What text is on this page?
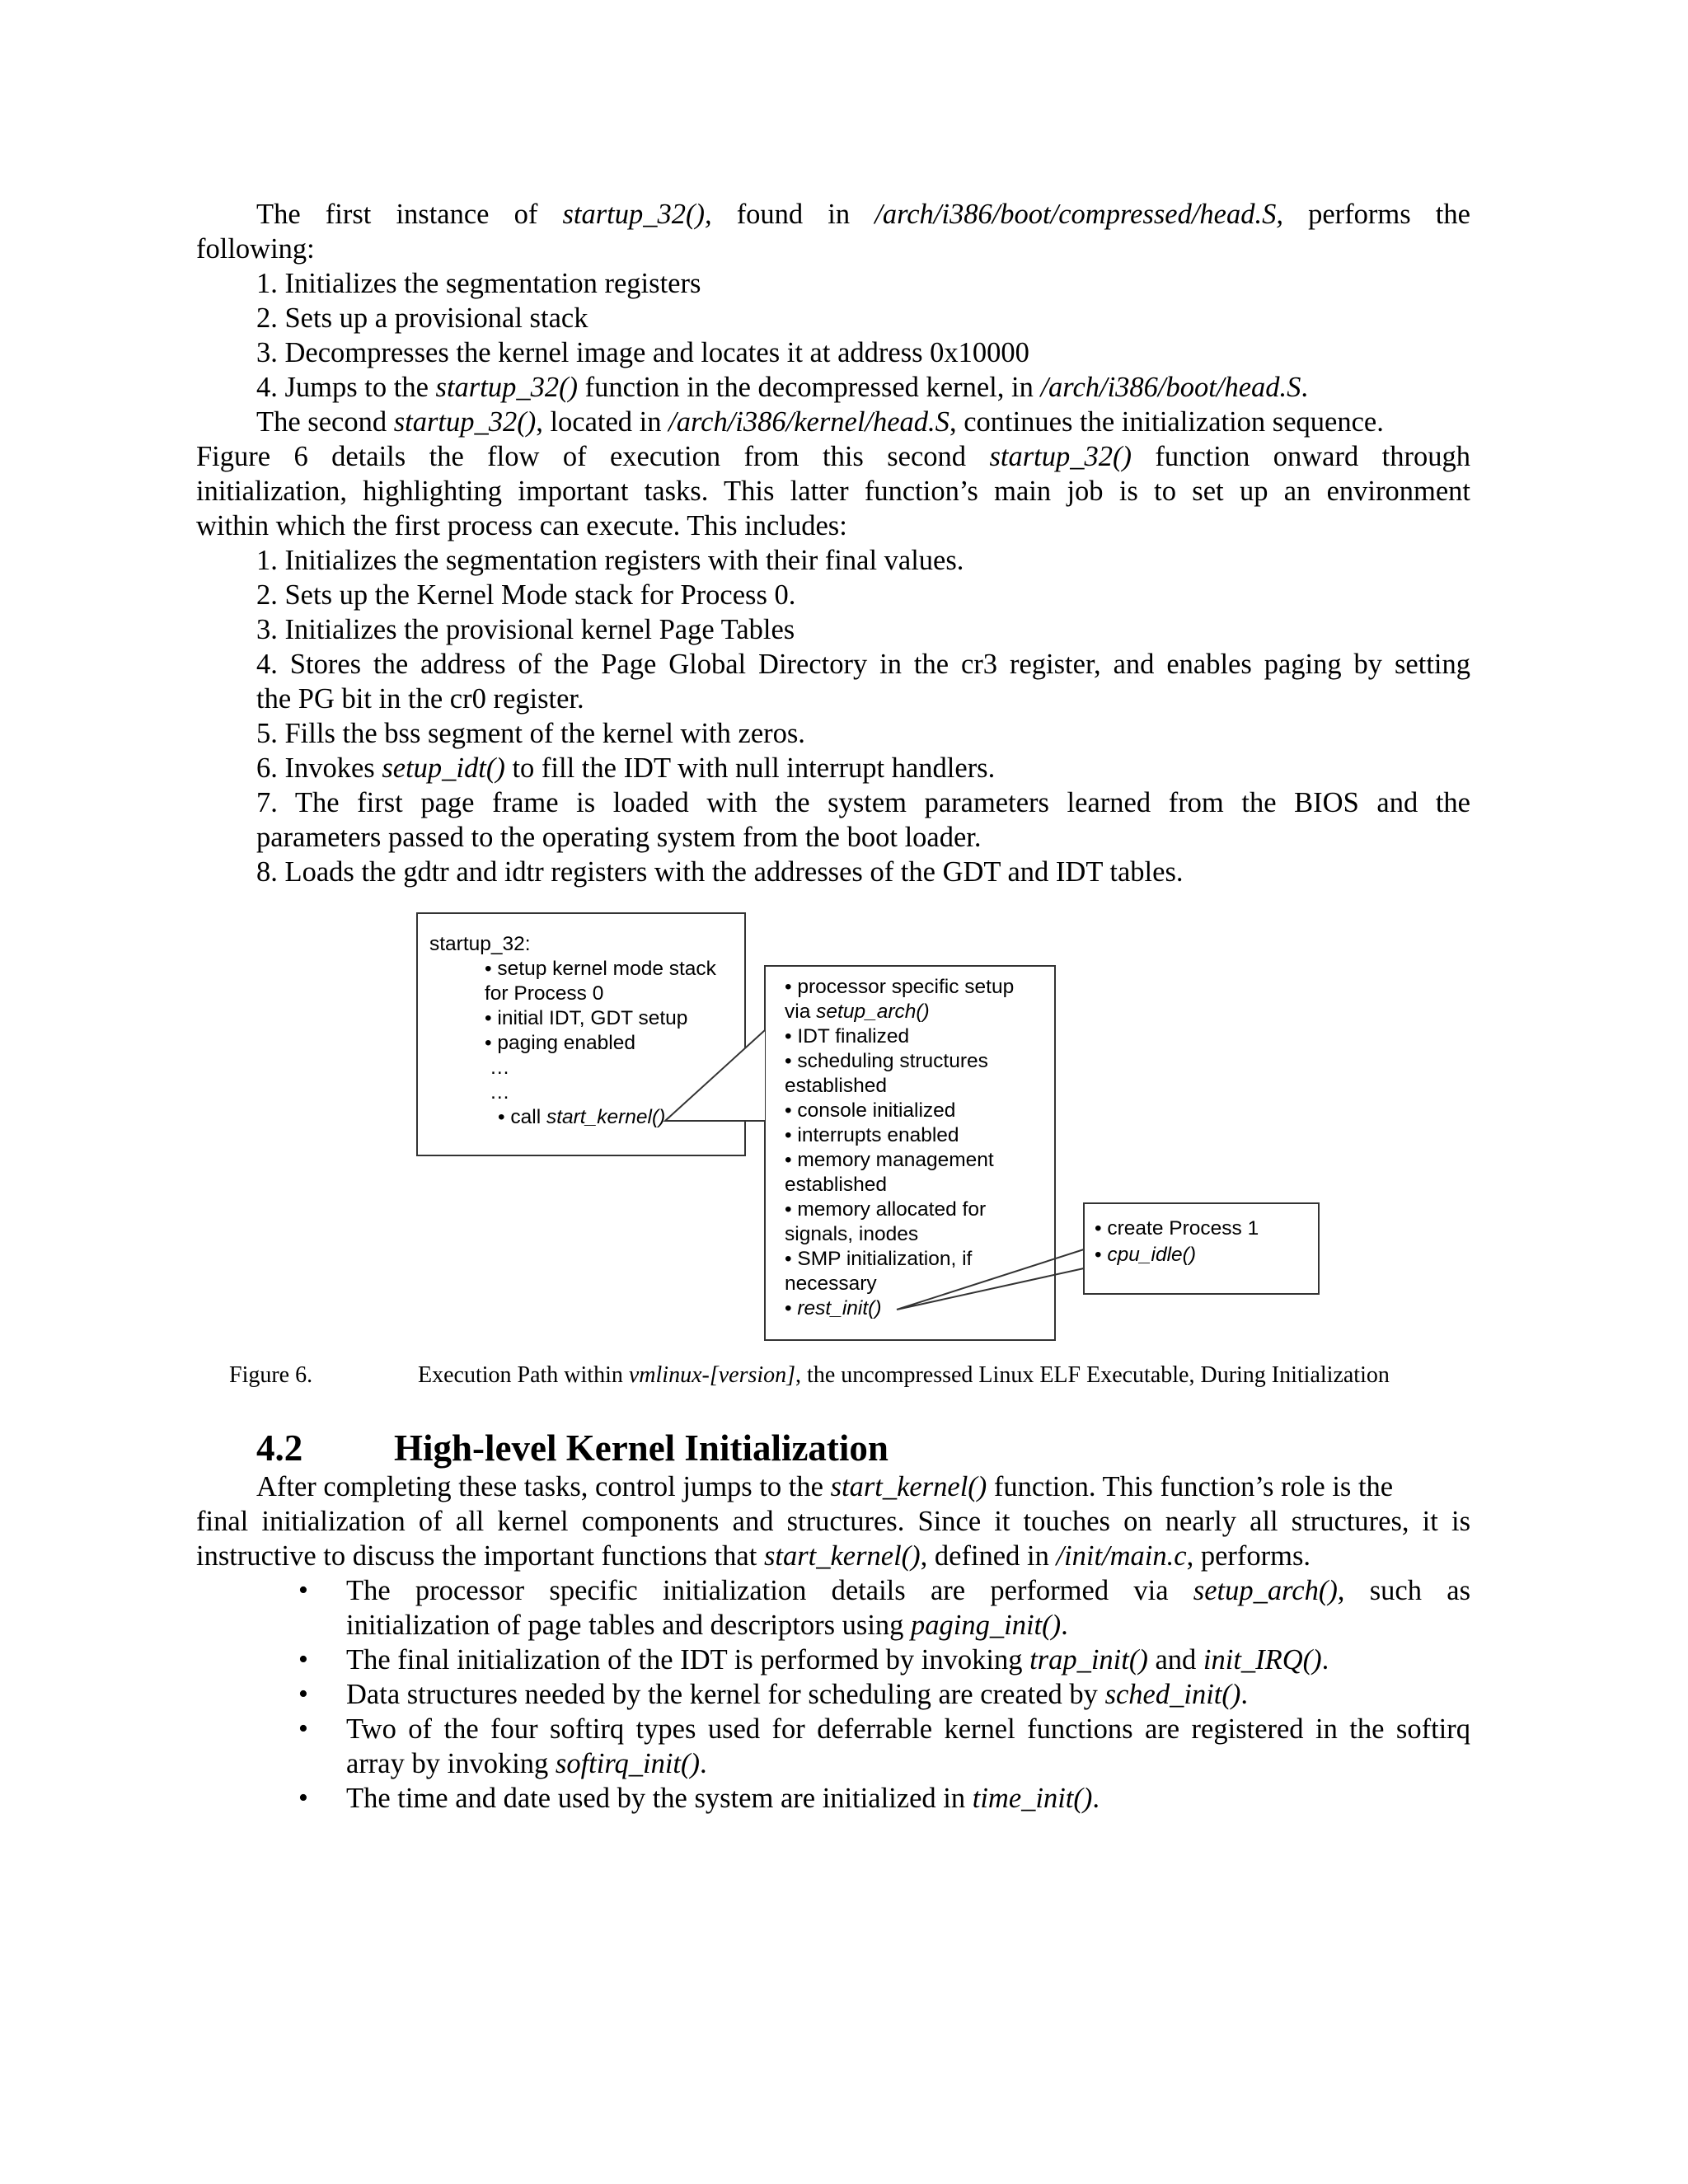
The first instance of startup_32(), found in /arch/i386/boot/compressed/head.S, performs the
following:
1. Initializes the segmentation registers
2. Sets up a provisional stack
3. Decompresses the kernel image and locates it at address 0x10000
4. Jumps to the startup_32() function in the decompressed kernel, in /arch/i386/boot/head.S.
The second startup_32(), located in /arch/i386/kernel/head.S, continues the initialization sequence.
Figure 6 details the flow of execution from this second startup_32() function onward through
initialization, highlighting important tasks. This latter function’s main job is to set up an environment
within which the first process can execute. This includes:
1. Initializes the segmentation registers with their final values.
2. Sets up the Kernel Mode stack for Process 0.
3. Initializes the provisional kernel Page Tables
4. Stores the address of the Page Global Directory in the cr3 register, and enables paging by setting
the PG bit in the cr0 register.
5. Fills the bss segment of the kernel with zeros.
6. Invokes setup_idt() to fill the IDT with null interrupt handlers.
7. The first page frame is loaded with the system parameters learned from the BIOS and the
parameters passed to the operating system from the boot loader.
8. Loads the gdtr and idtr registers with the addresses of the GDT and IDT tables.
startup_32:
• setup kernel mode stack
for Process 0
• initial IDT, GDT setup
• paging enabled
…
…
• call start_kernel()
• processor specific setup
via setup_arch()
• IDT finalized
• scheduling structures
established
• console initialized
• interrupts enabled
• memory management
established
• memory allocated for
signals, inodes
• SMP initialization, if
necessary
• rest_init()
• create Process 1
• cpu_idle()
Figure 6.	Execution Path within vmlinux-[version], the uncompressed Linux ELF Executable, During Initialization
4.2 High-level Kernel Initialization
After completing these tasks, control jumps to the start_kernel() function. This function’s role is the
final initialization of all kernel components and structures. Since it touches on nearly all structures, it is
instructive to discuss the important functions that start_kernel(), defined in /init/main.c, performs.
• The processor specific initialization details are performed via setup_arch(), such as
initialization of page tables and descriptors using paging_init().
• The final initialization of the IDT is performed by invoking trap_init() and init_IRQ().
• Data structures needed by the kernel for scheduling are created by sched_init().
• Two of the four softirq types used for deferrable kernel functions are registered in the softirq
array by invoking softirq_init().
• The time and date used by the system are initialized in time_init().
